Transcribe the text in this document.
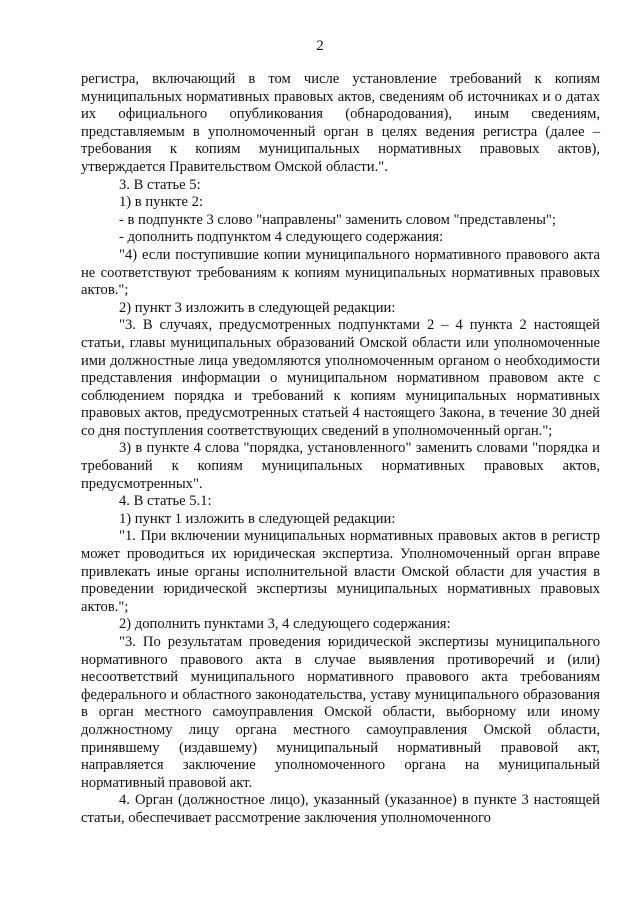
2

регистра, включающий в том числе установление требований к копиям муниципальных нормативных правовых актов, сведениям об источниках и о датах их официального опубликования (обнародования), иным сведениям, представляемым в уполномоченный орган в целях ведения регистра (далее – требования к копиям муниципальных нормативных правовых актов), утверждается Правительством Омской области.".

3. В статье 5:

1) в пункте 2:

- в подпункте 3 слово "направлены" заменить словом "представлены";

- дополнить подпунктом 4 следующего содержания:

"4) если поступившие копии муниципального нормативного правового акта не соответствуют требованиям к копиям муниципальных нормативных правовых актов.";

2) пункт 3 изложить в следующей редакции:

"3. В случаях, предусмотренных подпунктами 2 – 4 пункта 2 настоящей статьи, главы муниципальных образований Омской области или уполномоченные ими должностные лица уведомляются уполномоченным органом о необходимости представления информации о муниципальном нормативном правовом акте с соблюдением порядка и требований к копиям муниципальных нормативных правовых актов, предусмотренных статьей 4 настоящего Закона, в течение 30 дней со дня поступления соответствующих сведений в уполномоченный орган.";

3) в пункте 4 слова "порядка, установленного" заменить словами "порядка и требований к копиям муниципальных нормативных правовых актов, предусмотренных".

4. В статье 5.1:

1) пункт 1 изложить в следующей редакции:

"1. При включении муниципальных нормативных правовых актов в регистр может проводиться их юридическая экспертиза. Уполномоченный орган вправе привлекать иные органы исполнительной власти Омской области для участия в проведении юридической экспертизы муниципальных нормативных правовых актов.";

2) дополнить пунктами 3, 4 следующего содержания:

"3. По результатам проведения юридической экспертизы муниципального нормативного правового акта в случае выявления противоречий и (или) несоответствий муниципального нормативного правового акта требованиям федерального и областного законодательства, уставу муниципального образования в орган местного самоуправления Омской области, выборному или иному должностному лицу органа местного самоуправления Омской области, принявшему (издавшему) муниципальный нормативный правовой акт, направляется заключение уполномоченного органа на муниципальный нормативный правовой акт.

4. Орган (должностное лицо), указанный (указанное) в пункте 3 настоящей статьи, обеспечивает рассмотрение заключения уполномоченного
